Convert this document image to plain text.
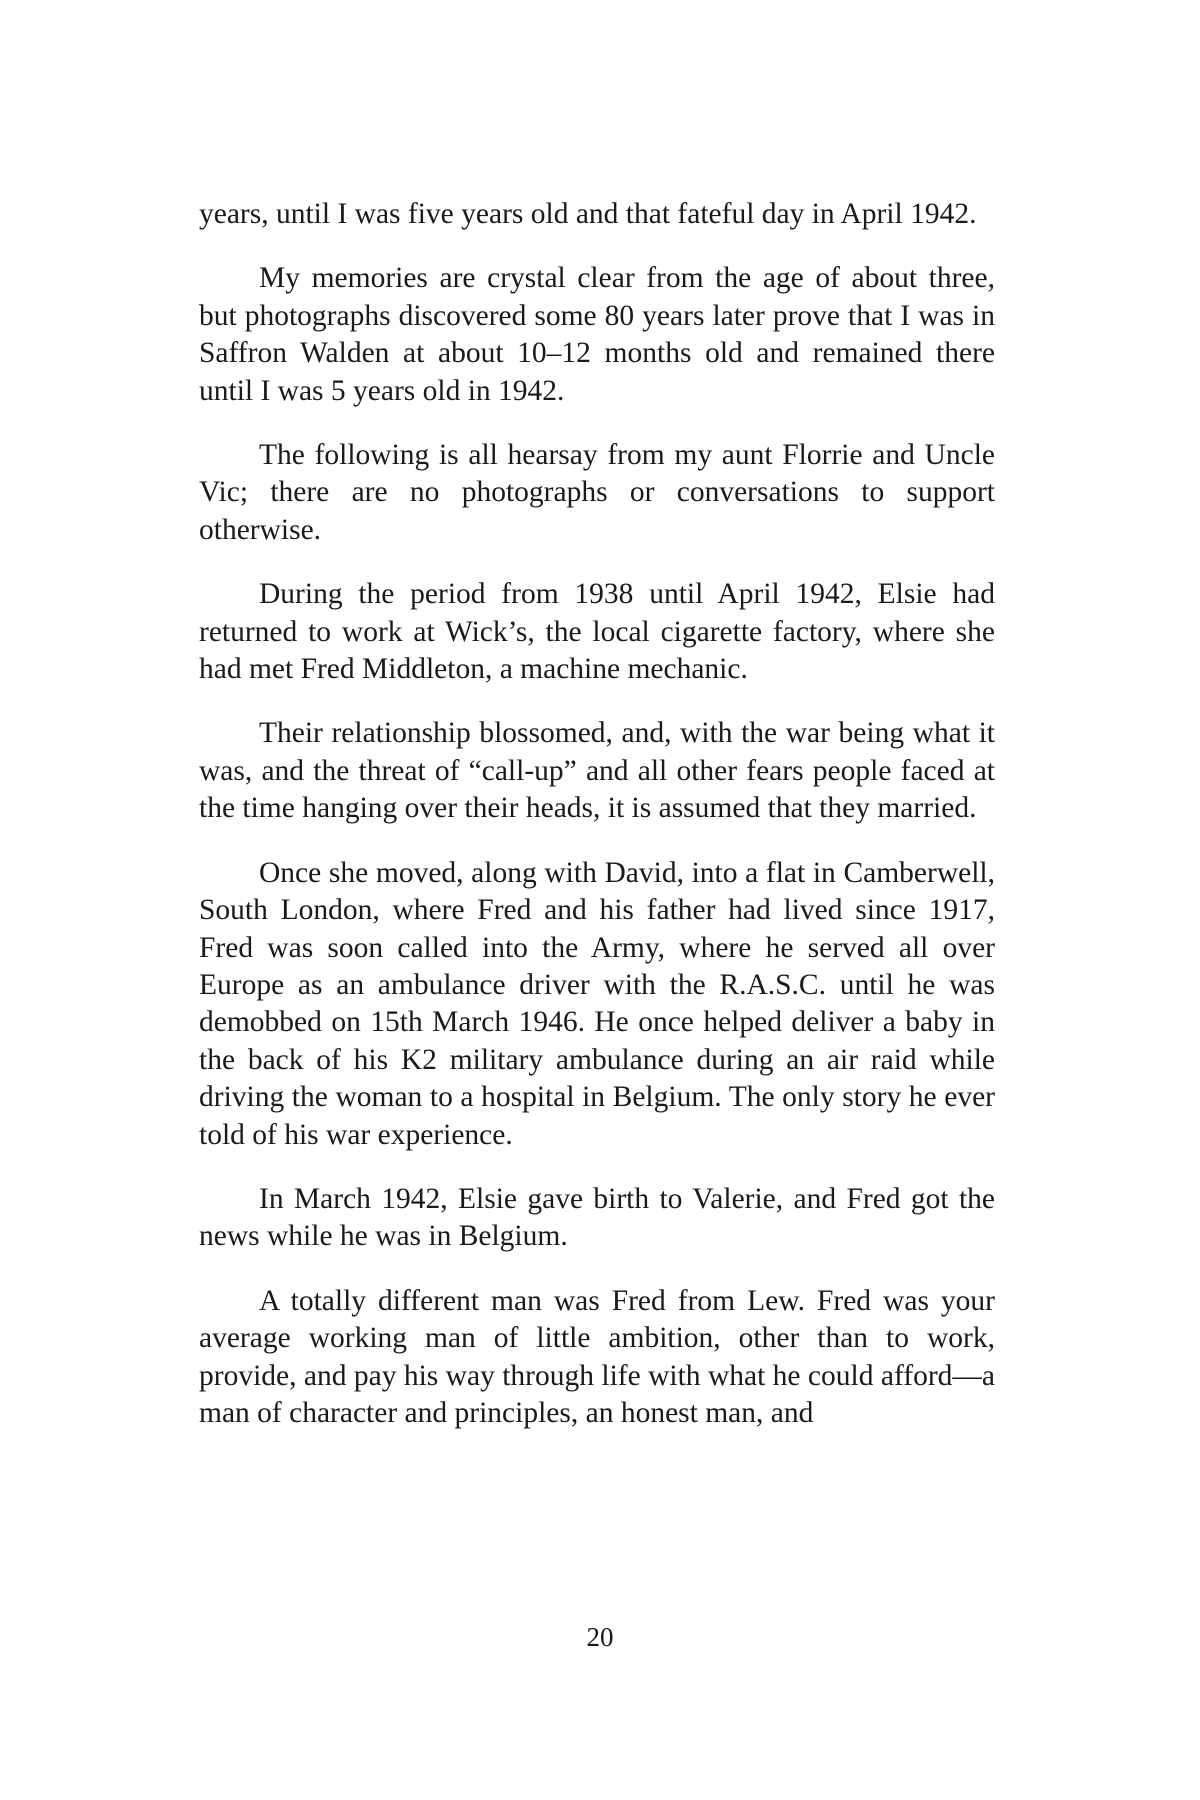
years, until I was five years old and that fateful day in April 1942.

My memories are crystal clear from the age of about three, but photographs discovered some 80 years later prove that I was in Saffron Walden at about 10–12 months old and remained there until I was 5 years old in 1942.

The following is all hearsay from my aunt Florrie and Uncle Vic; there are no photographs or conversations to support otherwise.

During the period from 1938 until April 1942, Elsie had returned to work at Wick’s, the local cigarette factory, where she had met Fred Middleton, a machine mechanic.

Their relationship blossomed, and, with the war being what it was, and the threat of “call-up” and all other fears people faced at the time hanging over their heads, it is assumed that they married.

Once she moved, along with David, into a flat in Camberwell, South London, where Fred and his father had lived since 1917, Fred was soon called into the Army, where he served all over Europe as an ambulance driver with the R.A.S.C. until he was demobbed on 15th March 1946. He once helped deliver a baby in the back of his K2 military ambulance during an air raid while driving the woman to a hospital in Belgium. The only story he ever told of his war experience.

In March 1942, Elsie gave birth to Valerie, and Fred got the news while he was in Belgium.

A totally different man was Fred from Lew. Fred was your average working man of little ambition, other than to work, provide, and pay his way through life with what he could afford—a man of character and principles, an honest man, and

20
